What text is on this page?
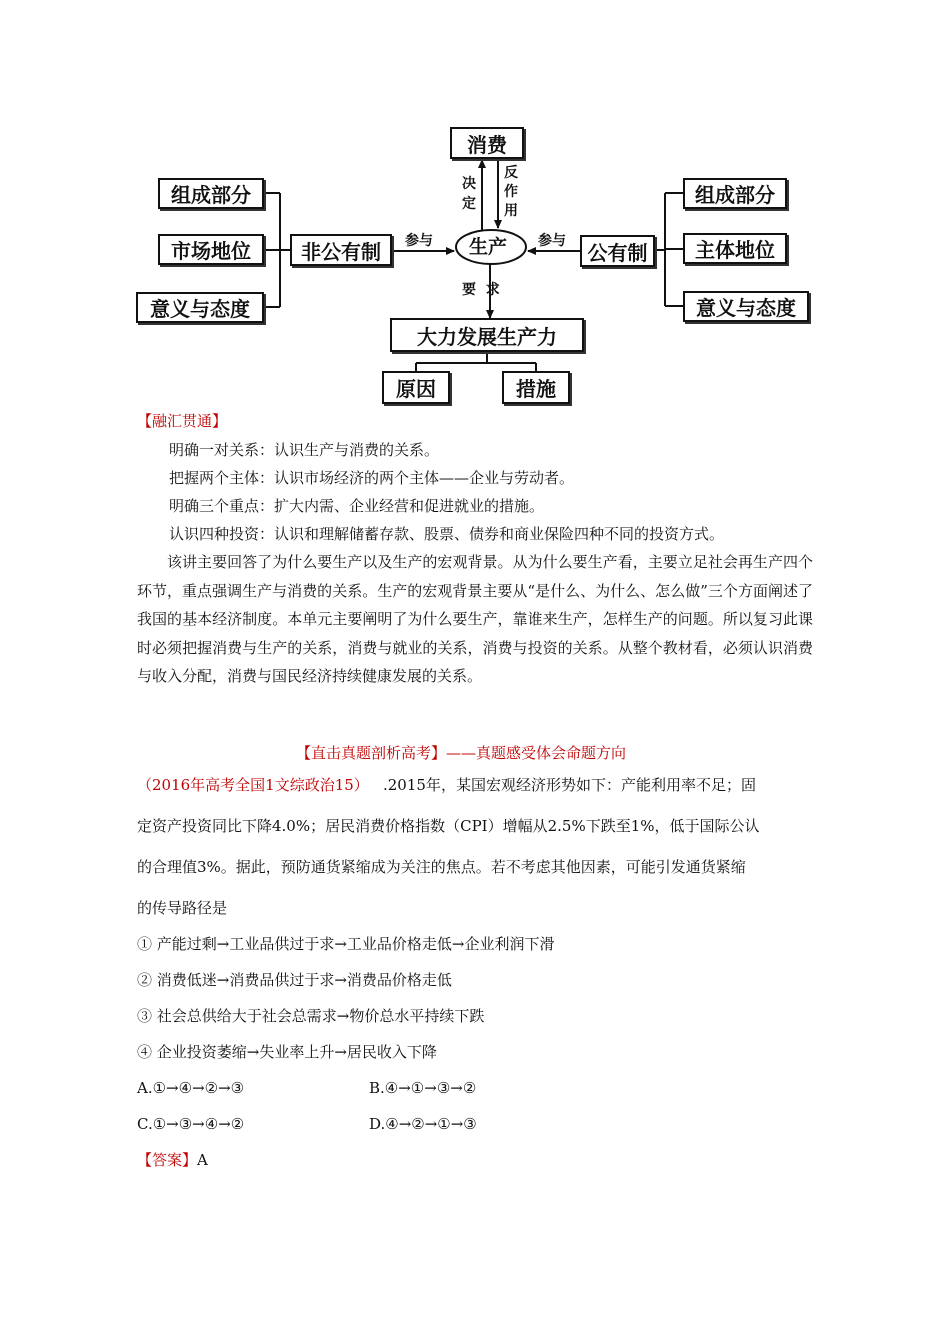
消费
生产
组成部分
市场地位
意义与态度
非公有制	公有制
组成部分
主体地位
意义与态度
大力发展生产力
原因	措施
决
定
反
作
用
参与	参与
要  求
【融汇贯通】
明确一对关系：认识生产与消费的关系。
把握两个主体：认识市场经济的两个主体——企业与劳动者。
明确三个重点：扩大内需、企业经营和促进就业的措施。
认识四种投资：认识和理解储蓄存款、股票、债券和商业保险四种不同的投资方式。
该讲主要回答了为什么要生产以及生产的宏观背景。从为什么要生产看，主要立足社会再生产四个环节，重点强调生产与消费的关系。生产的宏观背景主要从“是什么、为什么、怎么做”三个方面阐述了我国的基本经济制度。本单元主要阐明了为什么要生产，靠谁来生产，怎样生产的问题。所以复习此课时必须把握消费与生产的关系，消费与就业的关系，消费与投资的关系。从整个教材看，必须认识消费与收入分配，消费与国民经济持续健康发展的关系。
【直击真题剖析高考】——真题感受体会命题方向
（2016年高考全国1文综政治15） .2015年，某国宏观经济形势如下：产能利用率不足；固
定资产投资同比下降4.0%；居民消费价格指数（CPI）增幅从2.5%下跌至1%，低于国际公认
的合理值3%。据此，预防通货紧缩成为关注的焦点。若不考虑其他因素，可能引发通货紧缩
的传导路径是
① 产能过剩→工业品供过于求→工业品价格走低→企业利润下滑
② 消费低迷→消费品供过于求→消费品价格走低
③ 社会总供给大于社会总需求→物价总水平持续下跌
④ 企业投资萎缩→失业率上升→居民收入下降
A.①→④→②→③	B.④→①→③→②
C.①→③→④→②	D.④→②→①→③
【答案】A
